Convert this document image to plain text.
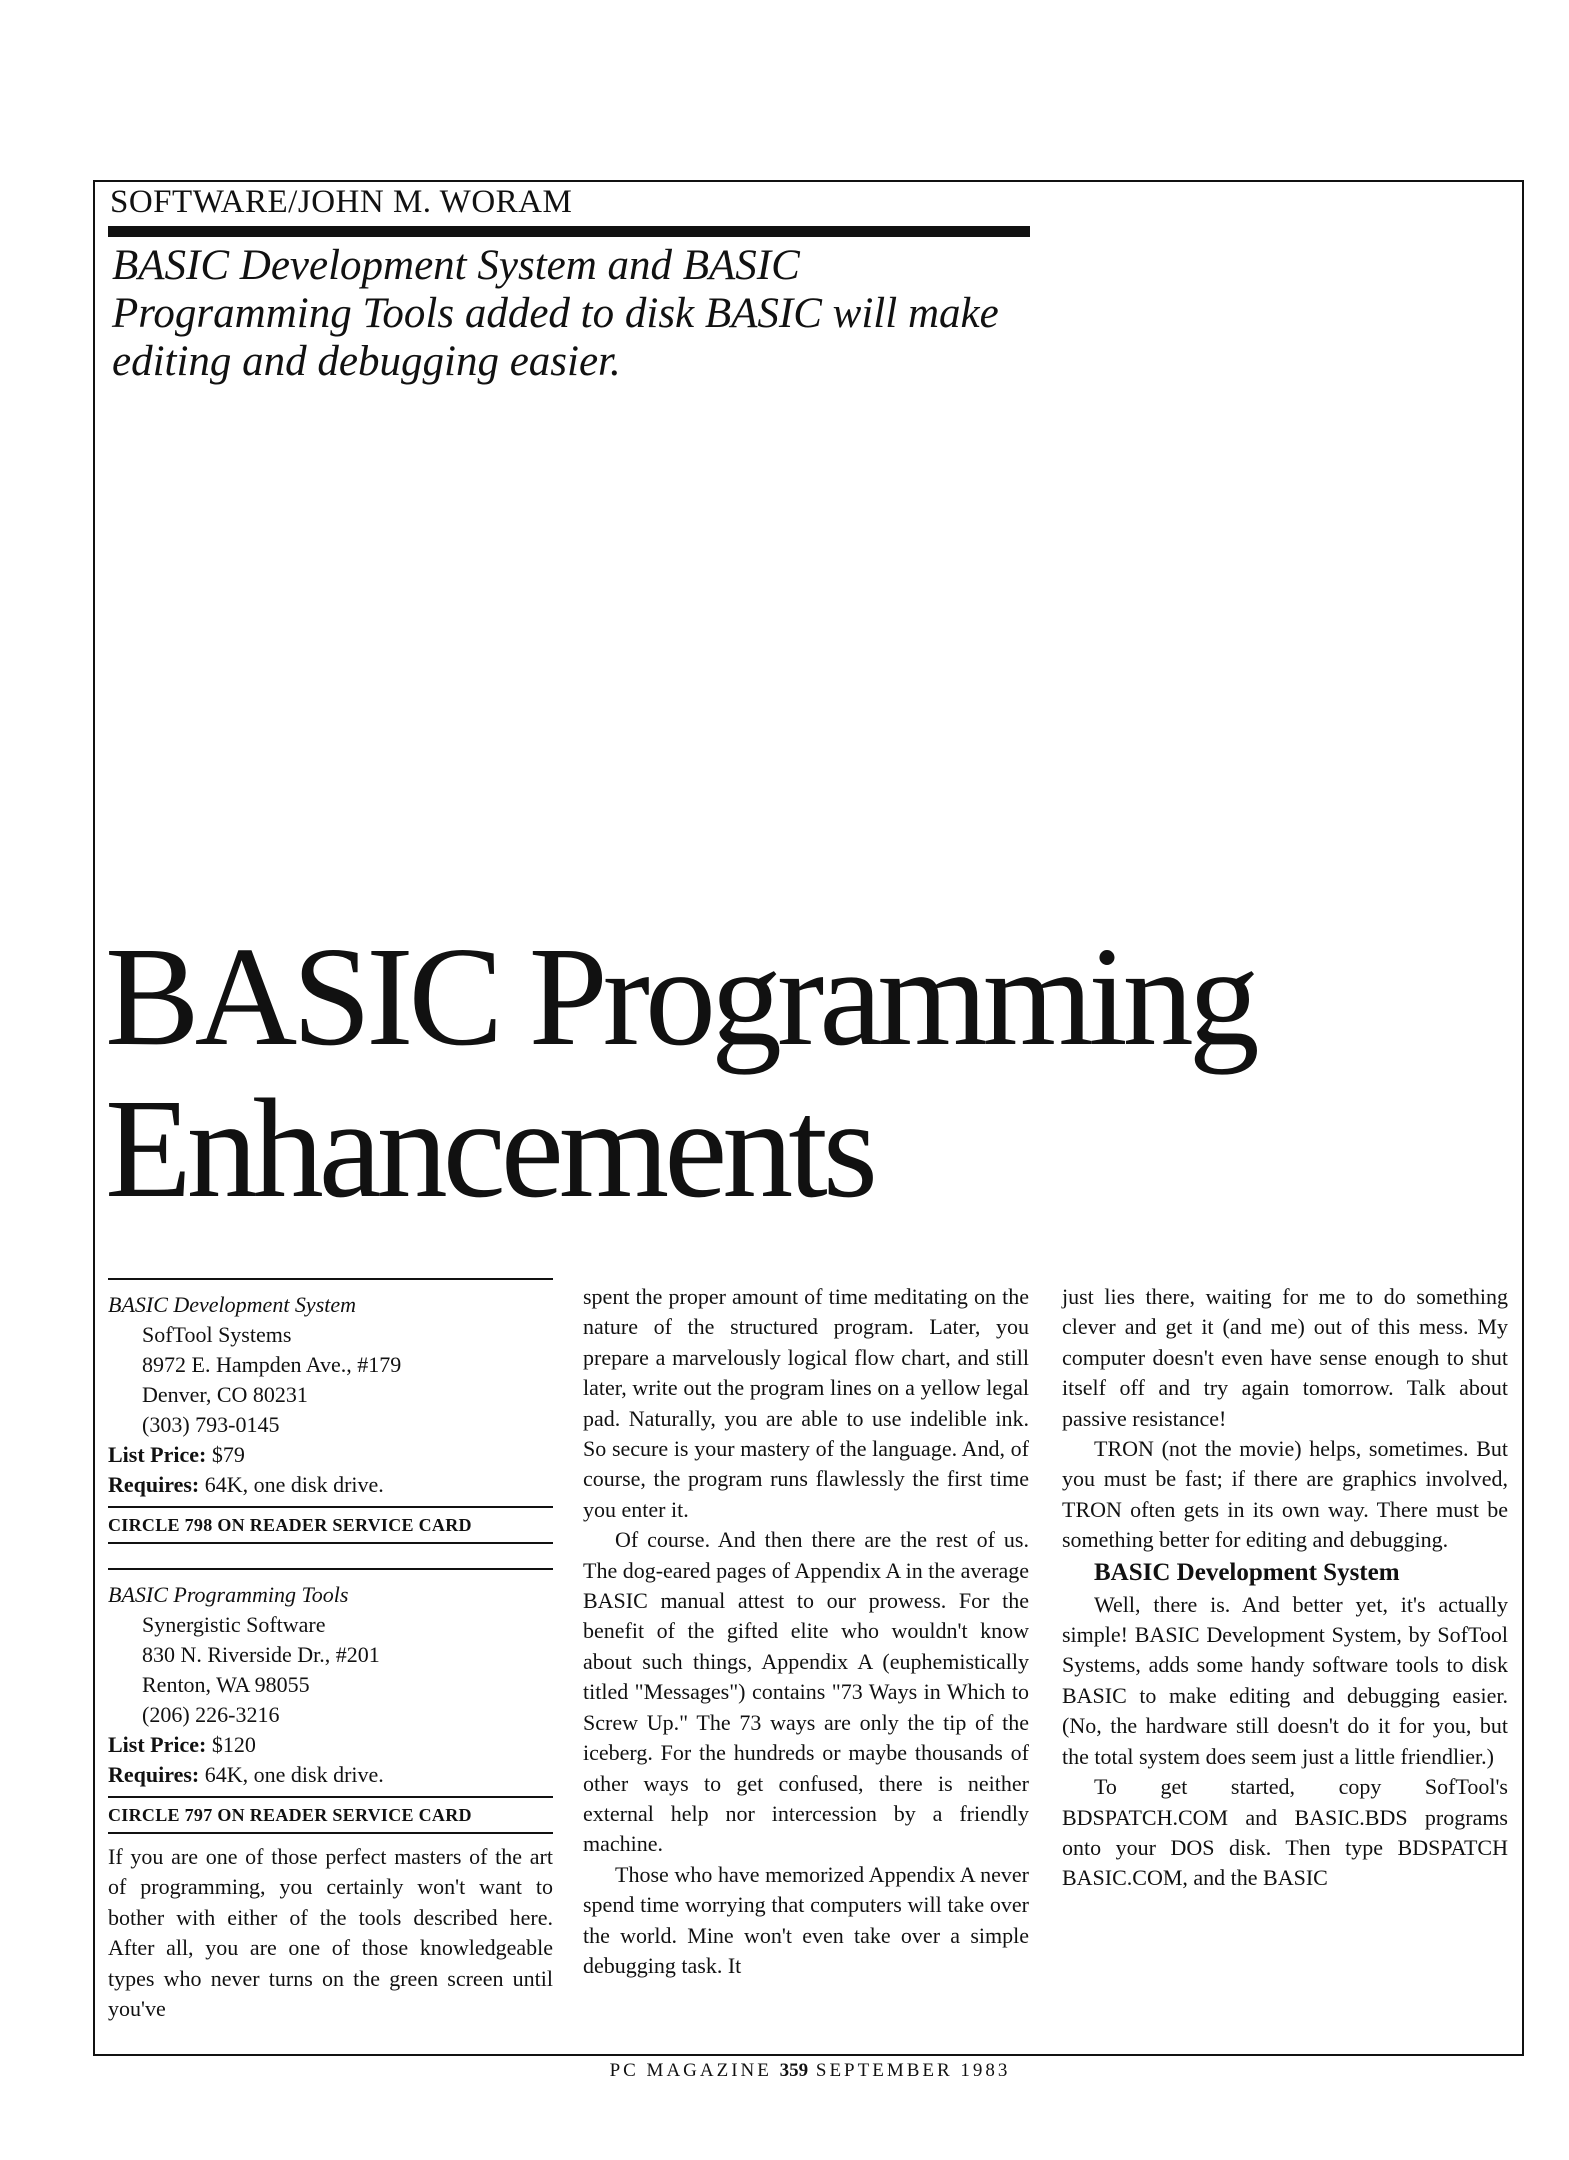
SOFTWARE/JOHN M. WORAM
BASIC Development System and BASIC Programming Tools added to disk BASIC will make editing and debugging easier.
BASIC Programming
Enhancements
BASIC Development System
SofTool Systems
8972 E. Hampden Ave., #179
Denver, CO 80231
(303) 793-0145
List Price: $79
Requires: 64K, one disk drive.
CIRCLE 798 ON READER SERVICE CARD
BASIC Programming Tools
Synergistic Software
830 N. Riverside Dr., #201
Renton, WA 98055
(206) 226-3216
List Price: $120
Requires: 64K, one disk drive.
CIRCLE 797 ON READER SERVICE CARD

If you are one of those perfect masters of the art of programming, you certainly won't want to bother with either of the tools described here. After all, you are one of those knowledgeable types who never turns on the green screen until you've

spent the proper amount of time meditating on the nature of the structured program. Later, you prepare a marvelously logical flow chart, and still later, write out the program lines on a yellow legal pad. Naturally, you are able to use indelible ink. So secure is your mastery of the language. And, of course, the program runs flawlessly the first time you enter it.

Of course. And then there are the rest of us. The dog-eared pages of Appendix A in the average BASIC manual attest to our prowess. For the benefit of the gifted elite who wouldn't know about such things, Appendix A (euphemistically titled "Messages") contains "73 Ways in Which to Screw Up." The 73 ways are only the tip of the iceberg. For the hundreds or maybe thousands of other ways to get confused, there is neither external help nor intercession by a friendly machine.

Those who have memorized Appendix A never spend time worrying that computers will take over the world. Mine won't even take over a simple debugging task. It

just lies there, waiting for me to do something clever and get it (and me) out of this mess. My computer doesn't even have sense enough to shut itself off and try again tomorrow. Talk about passive resistance!

TRON (not the movie) helps, sometimes. But you must be fast; if there are graphics involved, TRON often gets in its own way. There must be something better for editing and debugging.

BASIC Development System

Well, there is. And better yet, it's actually simple! BASIC Development System, by SofTool Systems, adds some handy software tools to disk BASIC to make editing and debugging easier. (No, the hardware still doesn't do it for you, but the total system does seem just a little friendlier.)

To get started, copy SofTool's BDSPATCH.COM and BASIC.BDS programs onto your DOS disk. Then type BDSPATCH BASIC.COM, and the BASIC

PC MAGAZINE 359 SEPTEMBER 1983
